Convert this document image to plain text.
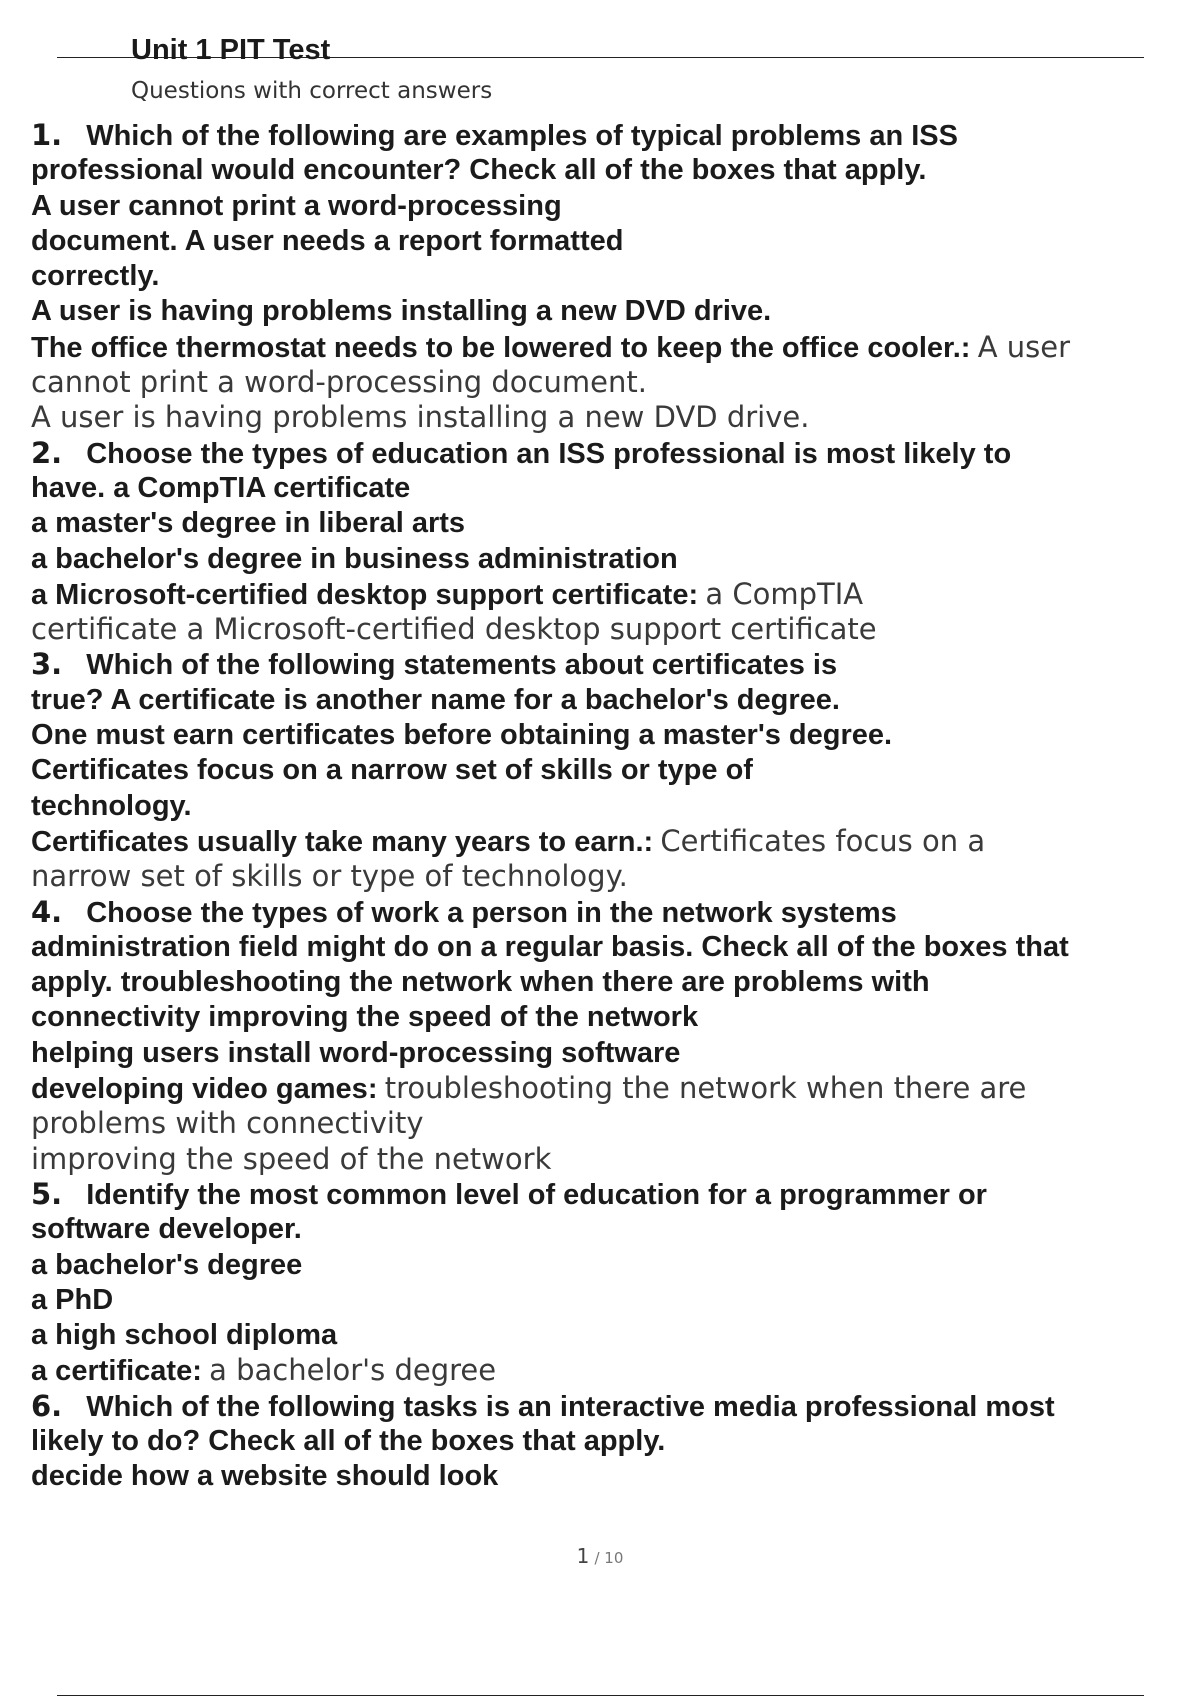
Unit 1 PIT Test

Questions with correct answers

1. Which of the following are examples of typical problems an ISS
professional would encounter? Check all of the boxes that apply.
A user cannot print a word-processing
document. A user needs a report formatted
correctly.
A user is having problems installing a new DVD drive.
The office thermostat needs to be lowered to keep the office cooler.: A user
cannot print a word-processing document.
A user is having problems installing a new DVD drive.
2. Choose the types of education an ISS professional is most likely to
have. a CompTIA certificate
a master's degree in liberal arts
a bachelor's degree in business administration
a Microsoft-certified desktop support certificate: a CompTIA
certificate a Microsoft-certified desktop support certificate
3. Which of the following statements about certificates is
true? A certificate is another name for a bachelor's degree.
One must earn certificates before obtaining a master's degree.
Certificates focus on a narrow set of skills or type of
technology.
Certificates usually take many years to earn.: Certificates focus on a
narrow set of skills or type of technology.
4. Choose the types of work a person in the network systems
administration field might do on a regular basis. Check all of the boxes that
apply. troubleshooting the network when there are problems with
connectivity improving the speed of the network
helping users install word-processing software
developing video games: troubleshooting the network when there are
problems with connectivity
improving the speed of the network
5. Identify the most common level of education for a programmer or
software developer.
a bachelor's degree
a PhD
a high school diploma
a certificate: a bachelor's degree
6. Which of the following tasks is an interactive media professional most
likely to do? Check all of the boxes that apply.
decide how a website should look
1 / 10
